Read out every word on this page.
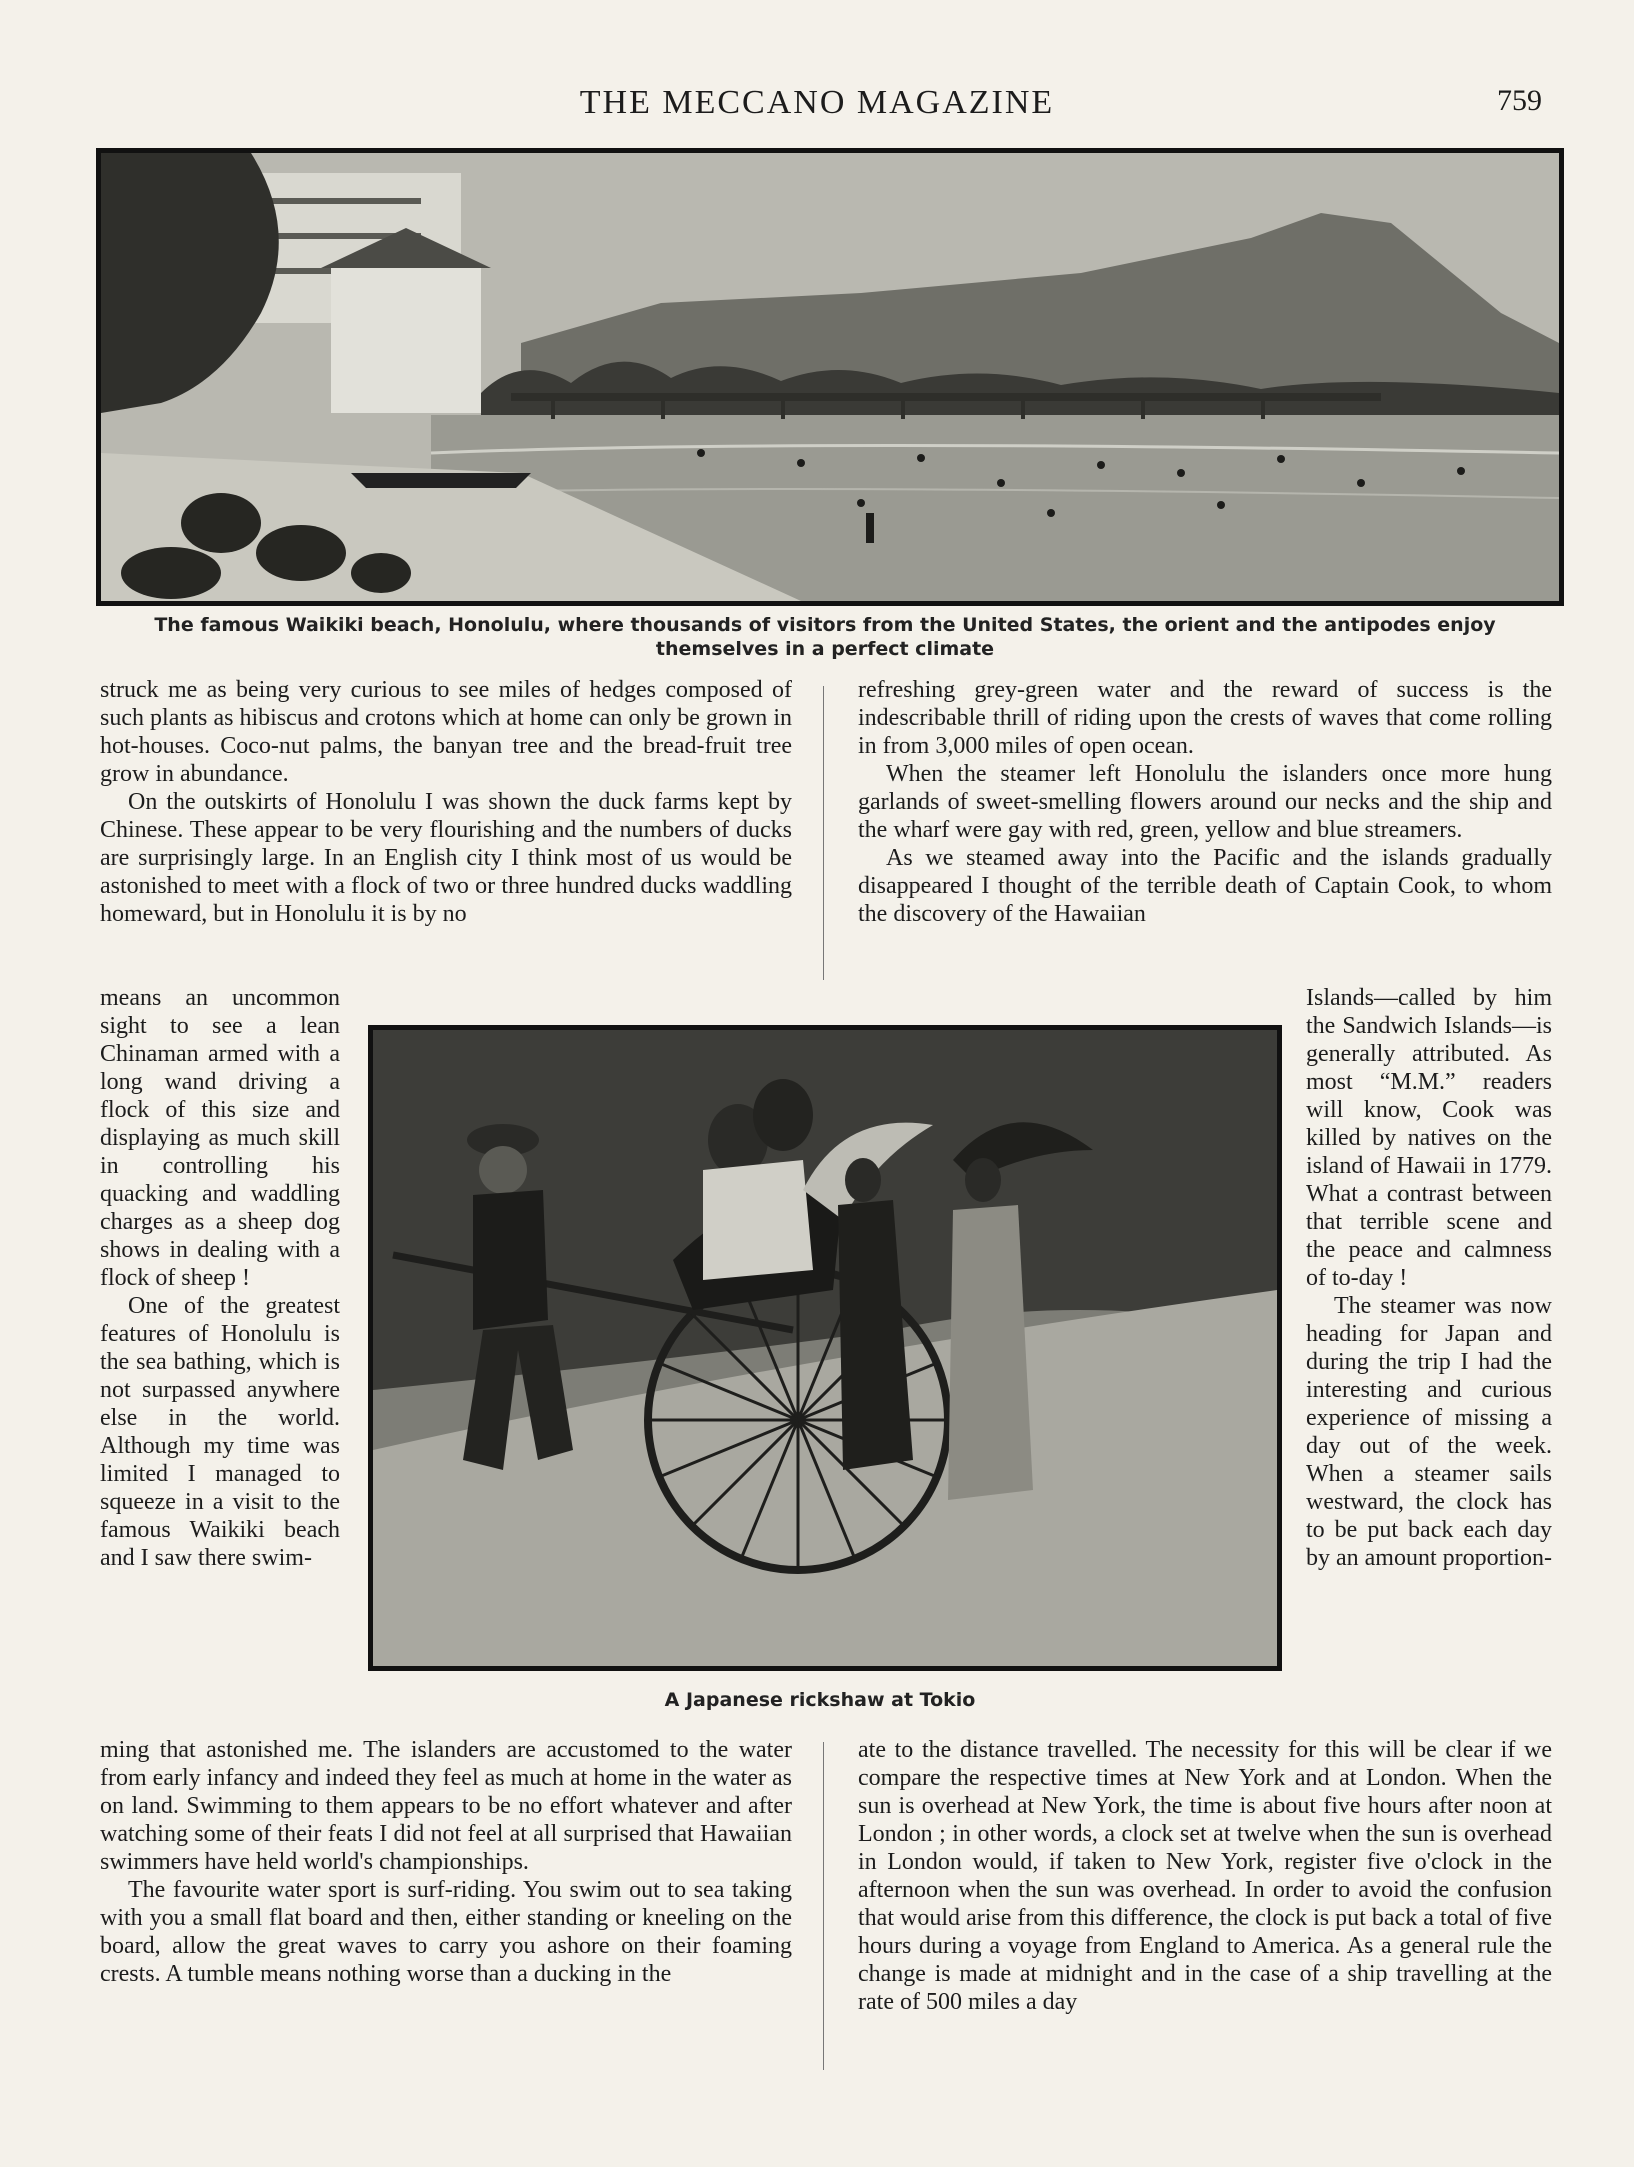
THE MECCANO MAGAZINE	759
The famous Waikiki beach, Honolulu, where thousands of visitors from the United States, the orient and the antipodes enjoy themselves in a perfect climate

struck me as being very curious to see miles of hedges composed of such plants as hibiscus and crotons which at home can only be grown in hot-houses. Coco-nut palms, the banyan tree and the bread-fruit tree grow in abundance.

On the outskirts of Honolulu I was shown the duck farms kept by Chinese. These appear to be very flourishing and the numbers of ducks are surprisingly large. In an English city I think most of us would be astonished to meet with a flock of two or three hundred ducks waddling homeward, but in Honolulu it is by no

refreshing grey-green water and the reward of success is the indescribable thrill of riding upon the crests of waves that come rolling in from 3,000 miles of open ocean.

When the steamer left Honolulu the islanders once more hung garlands of sweet-smelling flowers around our necks and the ship and the wharf were gay with red, green, yellow and blue streamers.

As we steamed away into the Pacific and the islands gradually disappeared I thought of the terrible death of Captain Cook, to whom the discovery of the Hawaiian

means an uncommon sight to see a lean Chinaman armed with a long wand driving a flock of this size and displaying as much skill in controlling his quacking and waddling charges as a sheep dog shows in dealing with a flock of sheep !

One of the greatest features of Honolulu is the sea bathing, which is not surpassed anywhere else in the world. Although my time was limited I managed to squeeze in a visit to the famous Waikiki beach and I saw there swim-

A Japanese rickshaw at Tokio

Islands—called by him the Sandwich Islands—is generally attributed. As most “M.M.” readers will know, Cook was killed by natives on the island of Hawaii in 1779. What a contrast between that terrible scene and the peace and calmness of to-day !

The steamer was now heading for Japan and during the trip I had the interesting and curious experience of missing a day out of the week. When a steamer sails westward, the clock has to be put back each day by an amount proportion-

ming that astonished me. The islanders are accustomed to the water from early infancy and indeed they feel as much at home in the water as on land. Swimming to them appears to be no effort whatever and after watching some of their feats I did not feel at all surprised that Hawaiian swimmers have held world's championships.

The favourite water sport is surf-riding. You swim out to sea taking with you a small flat board and then, either standing or kneeling on the board, allow the great waves to carry you ashore on their foaming crests. A tumble means nothing worse than a ducking in the

ate to the distance travelled. The necessity for this will be clear if we compare the respective times at New York and at London. When the sun is overhead at New York, the time is about five hours after noon at London ; in other words, a clock set at twelve when the sun is overhead in London would, if taken to New York, register five o'clock in the afternoon when the sun was overhead. In order to avoid the confusion that would arise from this difference, the clock is put back a total of five hours during a voyage from England to America. As a general rule the change is made at midnight and in the case of a ship travelling at the rate of 500 miles a day
